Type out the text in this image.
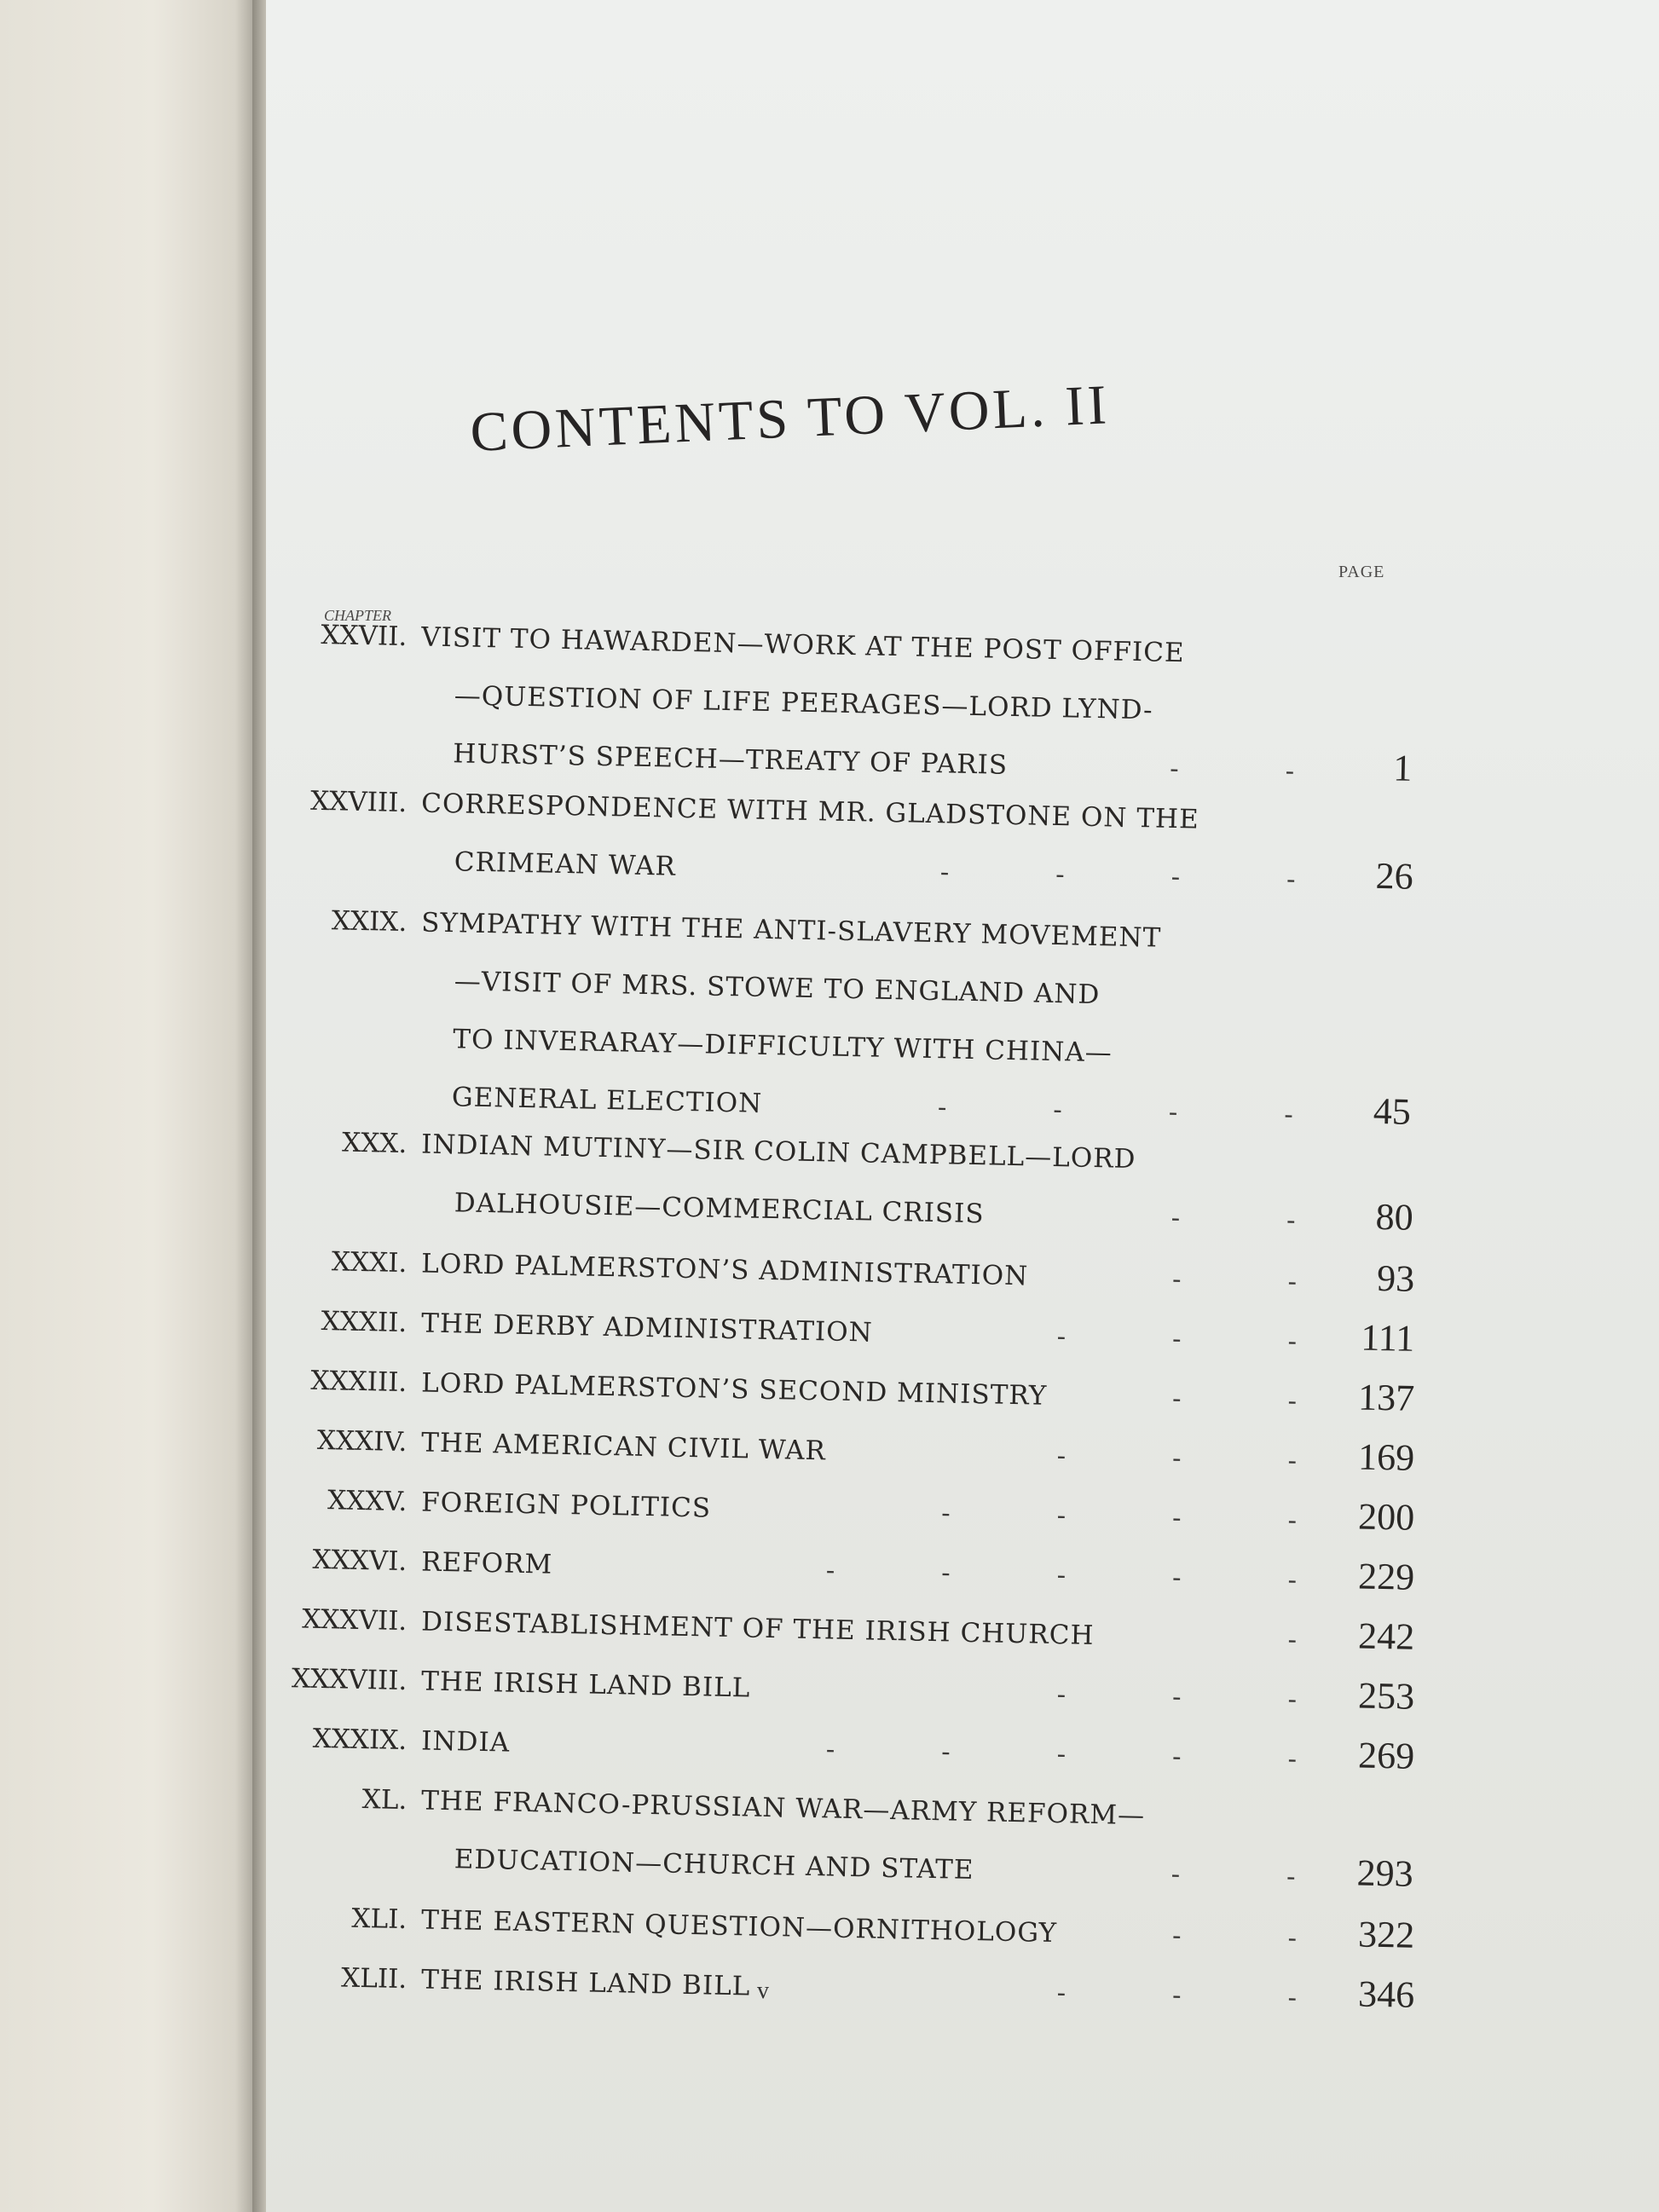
CONTENTS TO VOL. II
PAGE
CHAPTER
XXVII. VISIT TO HAWARDEN—WORK AT THE POST OFFICE
—QUESTION OF LIFE PEERAGES—LORD LYND-
HURST’S SPEECH—TREATY OF PARIS	-   -	1
XXVIII. CORRESPONDENCE WITH MR. GLADSTONE ON THE
CRIMEAN WAR	-   -   -   -	26
XXIX. SYMPATHY WITH THE ANTI-SLAVERY MOVEMENT
—VISIT OF MRS. STOWE TO ENGLAND AND
TO INVERARAY—DIFFICULTY WITH CHINA—
GENERAL ELECTION	-   -   -   -	45
XXX. INDIAN MUTINY—SIR COLIN CAMPBELL—LORD
DALHOUSIE—COMMERCIAL CRISIS	-   -	80
XXXI. LORD PALMERSTON’S ADMINISTRATION	-   -	93
XXXII. THE DERBY ADMINISTRATION	-   -   -	111
XXXIII. LORD PALMERSTON’S SECOND MINISTRY	-   -	137
XXXIV. THE AMERICAN CIVIL WAR	-   -   -	169
XXXV. FOREIGN POLITICS	-   -   -   -	200
XXXVI. REFORM	-   -   -   -   -	229
XXXVII. DISESTABLISHMENT OF THE IRISH CHURCH	-	242
XXXVIII. THE IRISH LAND BILL	-   -   -	253
XXXIX. INDIA	-   -   -   -   -	269
XL. THE FRANCO-PRUSSIAN WAR—ARMY REFORM—
EDUCATION—CHURCH AND STATE	-   -	293
XLI. THE EASTERN QUESTION—ORNITHOLOGY	-   -	322
XLII. THE IRISH LAND BILL	-   -   -	346
v
